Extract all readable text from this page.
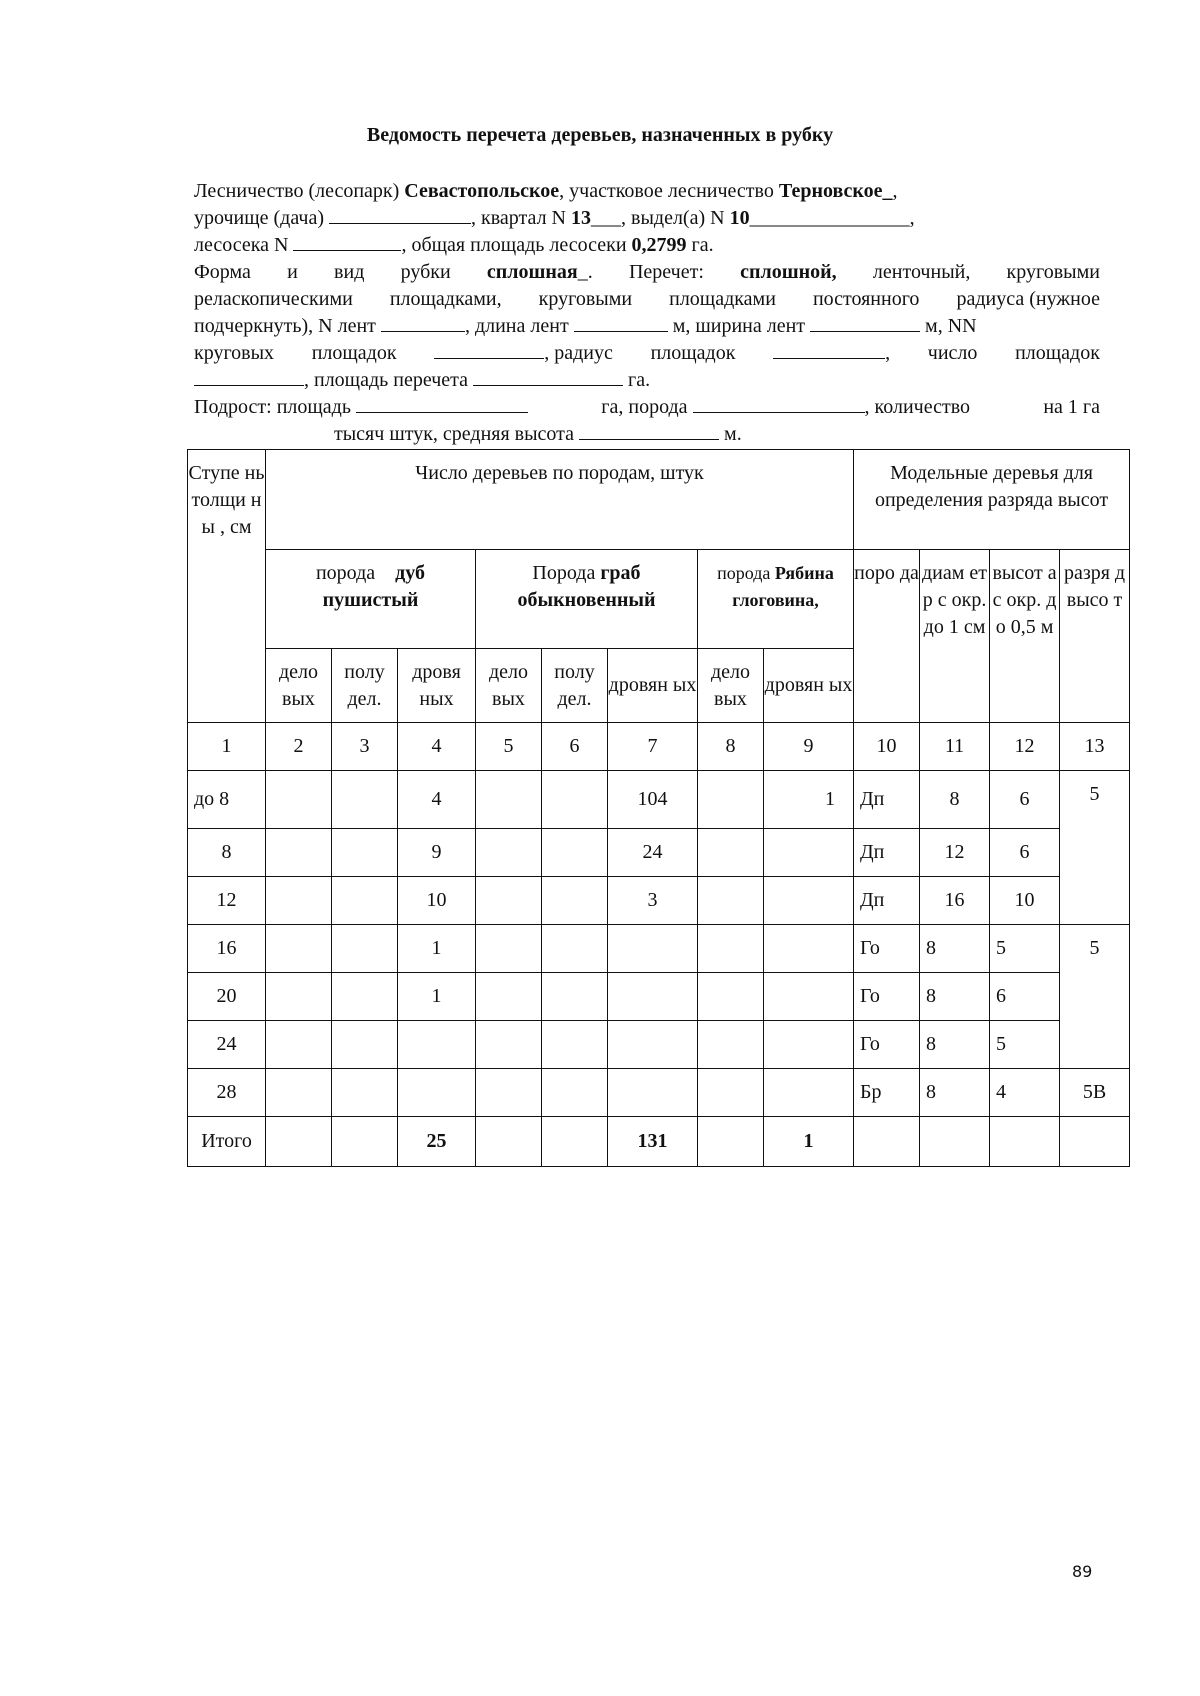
Ведомость перечета деревьев, назначенных в рубку
Лесничество (лесопарк) Севастопольское, участковое лесничество Терновское_,
урочище (дача)	, квартал N 13___, выдел(а) N 10________________,
лесосека N	, общая площадь лесосеки 0,2799 га.
Форма и вид рубки сплошная_. Перечет: сплошной, ленточный, круговыми
реласкопическими площадками, круговыми площадками постоянного радиуса (нужное
подчеркнуть), N лент	, длина лент	м, ширина лент	м, NN
круговых площадок	, радиус площадок	, число площадок
, площадь перечета	га.
Подрост: площадь	га, порода	, количество	на 1 га
тысяч штук, средняя высота	м.
Ступе нь толщи ны , см	Число деревьев по породам, штук								Модельные деревья для определения разряда высот			
	порода дуб пушистый			Порода граб обыкновенный			порода Рябина глоговина,		поро да	диам етр с окр. до 1 см	высот а с окр. до 0,5 м	разря д высо т
	дело вых	полу дел.	дровя ных	дело вых	полу дел.	дровян ых	дело вых	дровян ых				
1	2	3	4	5	6	7	8	9	10	11	12	13
до 8			4			104		1	Дп	8	6	5
8			9			24			Дп	12	6	
12			10			3			Дп	16	10	
16			1						Го	8	5	5
20			1						Го	8	6	
24									Го	8	5	
28									Бр	8	4	5В
Итого			25			131		1				
89
